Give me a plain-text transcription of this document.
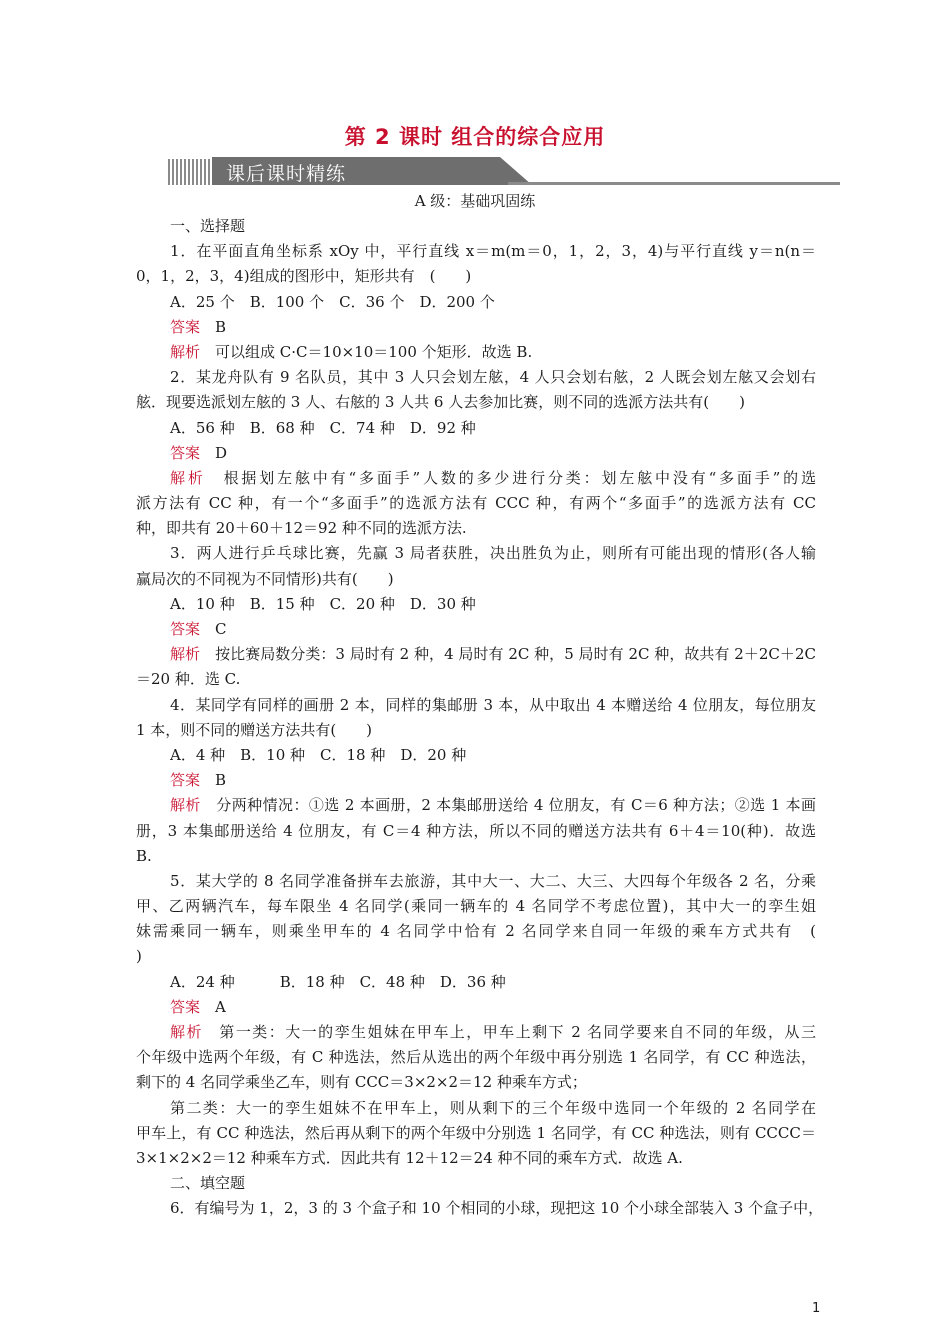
第 2 课时 组合的综合应用
课后课时精练
A 级：基础巩固练
一、选择题
1．在平面直角坐标系 xOy 中，平行直线 x＝m(m＝0，1，2，3，4)与平行直线 y＝n(n＝
0，1，2，3，4)组成的图形中，矩形共有　(　　)
A．25 个　B．100 个　C．36 个　D．200 个
答案　 B
解析　 可以组成 C·C＝10×10＝100 个矩形．故选 B.
2．某龙舟队有 9 名队员，其中 3 人只会划左舷，4 人只会划右舷，2 人既会划左舷又会划右
舷．现要选派划左舷的 3 人、右舷的 3 人共 6 人去参加比赛，则不同的选派方法共有(　　)
A．56 种　B．68 种　C．74 种　D．92 种
答案　 D
解析　 根据划左舷中有“多面手”人数的多少进行分类：划左舷中没有“多面手”的选
派方法有 CC 种，有一个“多面手”的选派方法有 CCC 种，有两个“多面手”的选派方法有 CC
种，即共有 20＋60＋12＝92 种不同的选派方法.
3．两人进行乒乓球比赛，先赢 3 局者获胜，决出胜负为止，则所有可能出现的情形(各人输
赢局次的不同视为不同情形)共有(　　)
A．10 种　B．15 种　C．20 种　D．30 种
答案　 C
解析　 按比赛局数分类：3 局时有 2 种，4 局时有 2C 种，5 局时有 2C 种，故共有 2＋2C＋2C
＝20 种．选 C.
4．某同学有同样的画册 2 本，同样的集邮册 3 本，从中取出 4 本赠送给 4 位朋友，每位朋友
1 本，则不同的赠送方法共有(　　)
A．4 种　B．10 种　C．18 种　D．20 种
答案　 B
解析　 分两种情况：①选 2 本画册，2 本集邮册送给 4 位朋友，有 C＝6 种方法；②选 1 本画
册，3 本集邮册送给 4 位朋友，有 C＝4 种方法，所以不同的赠送方法共有 6＋4＝10(种)．故选
B.
5．某大学的 8 名同学准备拼车去旅游，其中大一、大二、大三、大四每个年级各 2 名，分乘
甲、乙两辆汽车，每车限坐 4 名同学(乘同一辆车的 4 名同学不考虑位置)，其中大一的孪生姐
妹需乘同一辆车，则乘坐甲车的 4 名同学中恰有 2 名同学来自同一年级的乘车方式共有　(
)
A．24 种　　　B．18 种　C．48 种　D．36 种
答案　 A
解析　 第一类：大一的孪生姐妹在甲车上，甲车上剩下 2 名同学要来自不同的年级，从三
个年级中选两个年级，有 C 种选法，然后从选出的两个年级中再分别选 1 名同学，有 CC 种选法，
剩下的 4 名同学乘坐乙车，则有 CCC＝3×2×2＝12 种乘车方式；
第二类：大一的孪生姐妹不在甲车上，则从剩下的三个年级中选同一个年级的 2 名同学在
甲车上，有 CC 种选法，然后再从剩下的两个年级中分别选 1 名同学，有 CC 种选法，则有 CCCC＝
3×1×2×2＝12 种乘车方式．因此共有 12＋12＝24 种不同的乘车方式．故选 A.
二、填空题
6．有编号为 1，2，3 的 3 个盒子和 10 个相同的小球，现把这 10 个小球全部装入 3 个盒子中，
1
